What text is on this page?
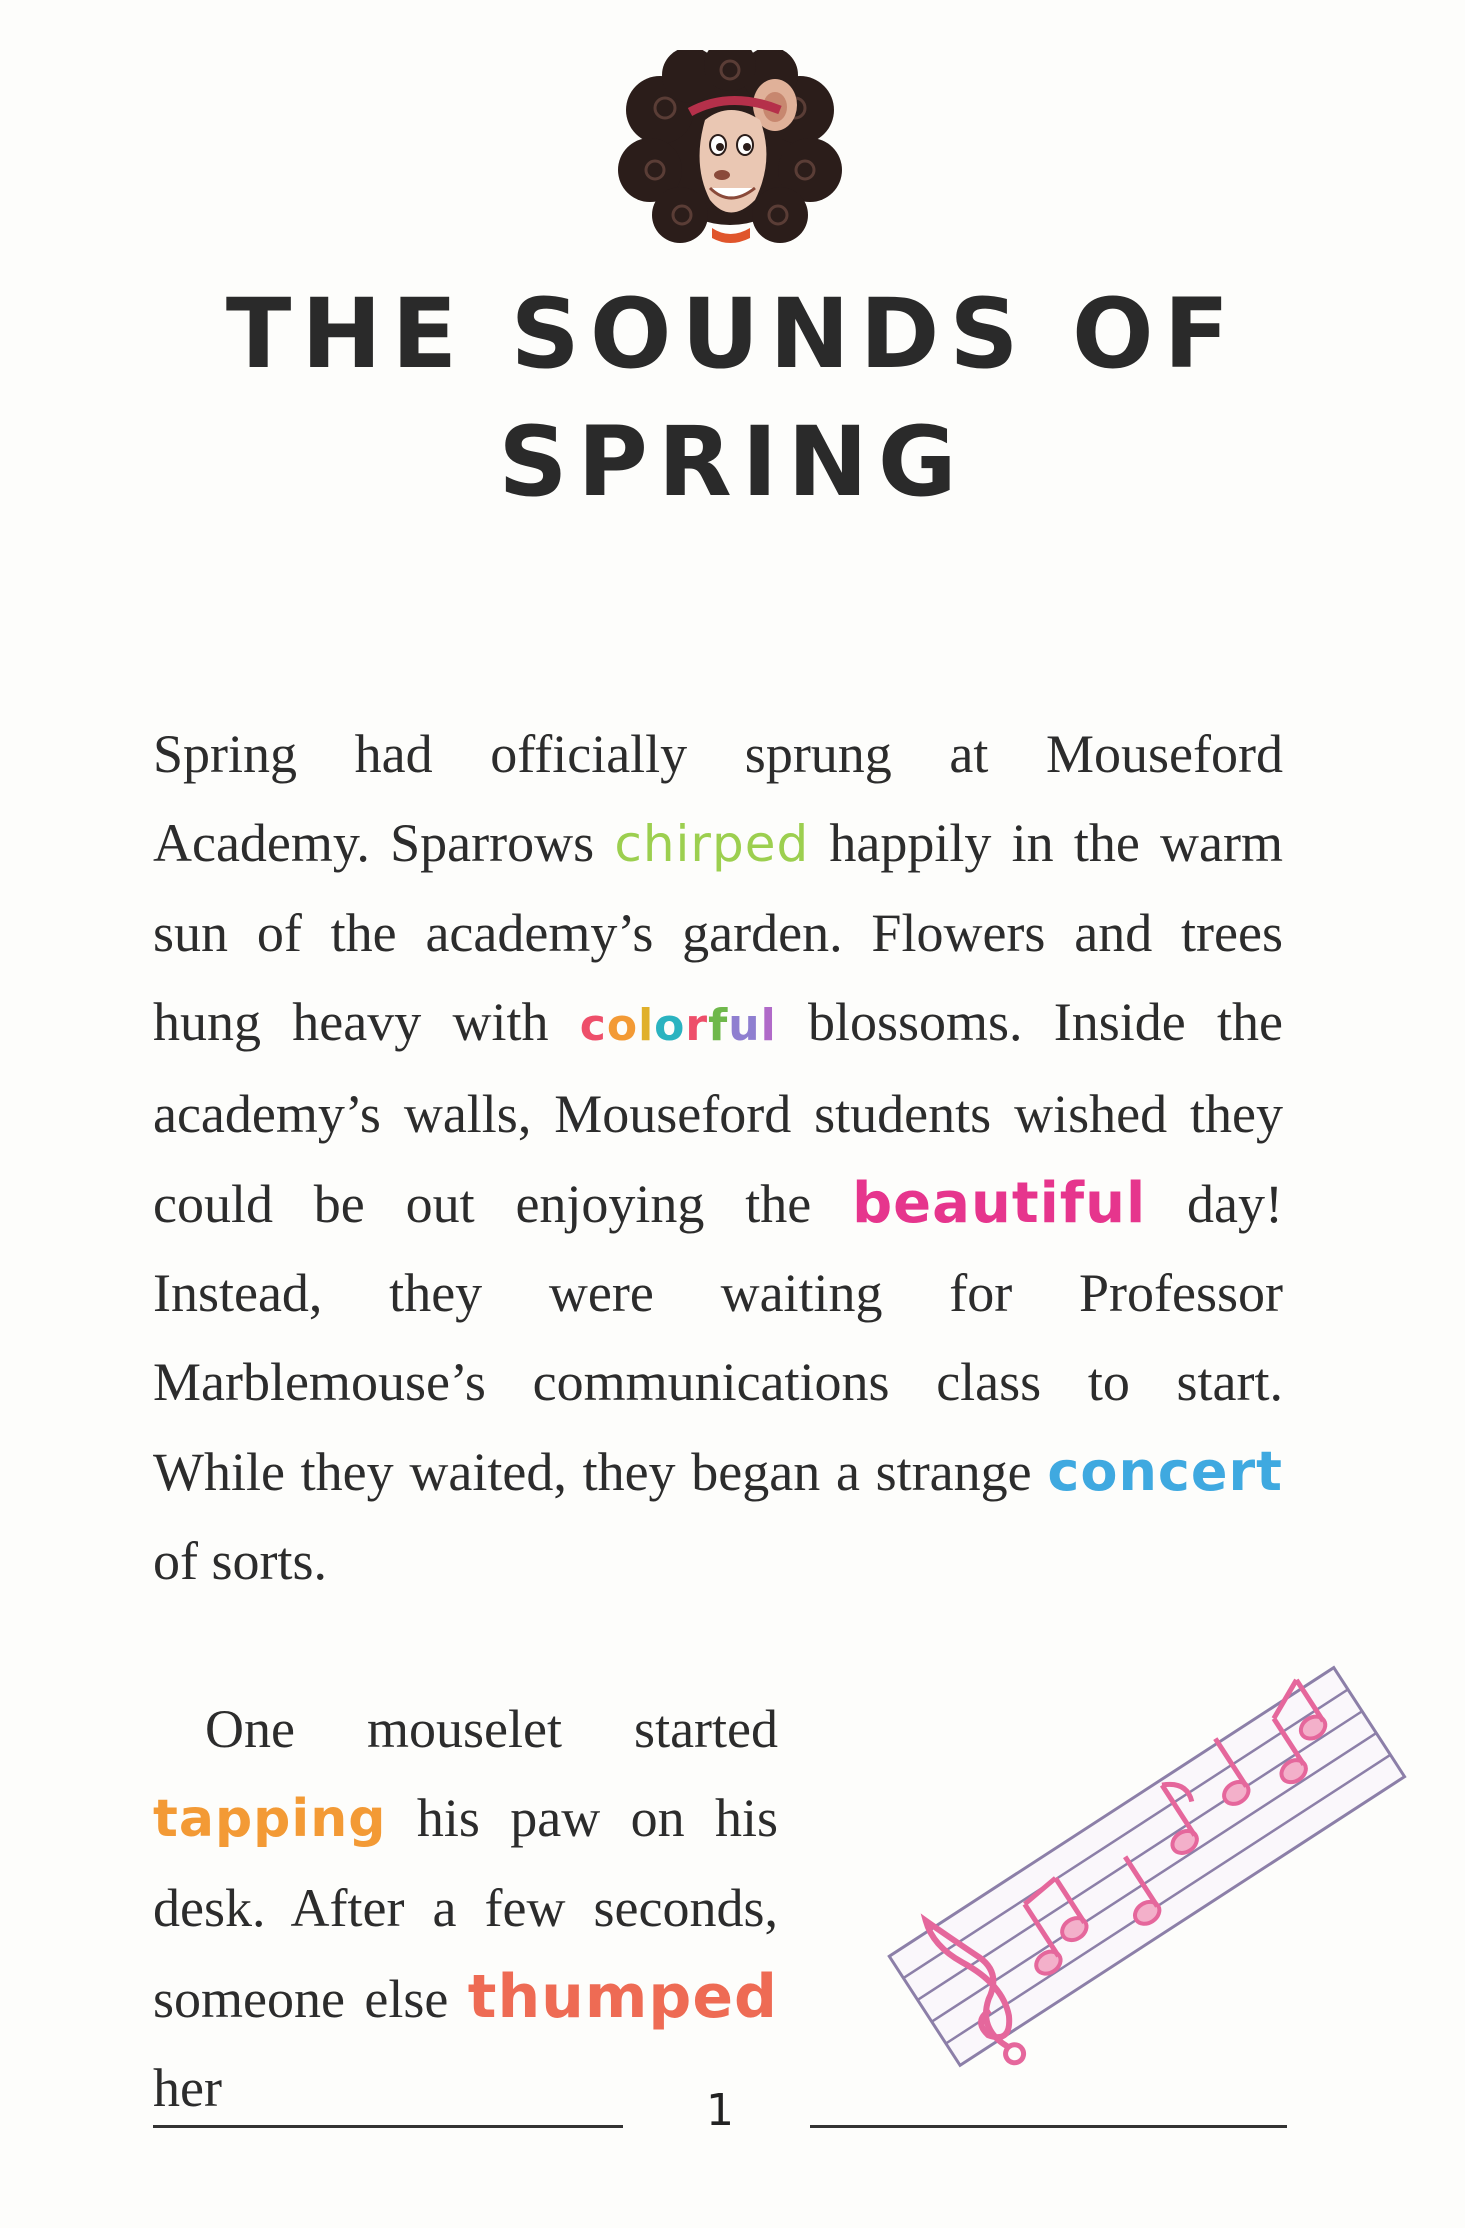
THE SOUNDS OF
SPRING

Spring had officially sprung at Mouseford Academy. Sparrows chirped happily in the warm sun of the academy’s garden. Flowers and trees hung heavy with colorful blossoms. Inside the academy’s walls, Mouseford students wished they could be out enjoying the beautiful day! Instead, they were waiting for Professor Marblemouse’s communications class to start. While they waited, they began a strange concert of sorts.

One mouselet started tapping his paw on his desk. After a few seconds, someone else thumped her	1
